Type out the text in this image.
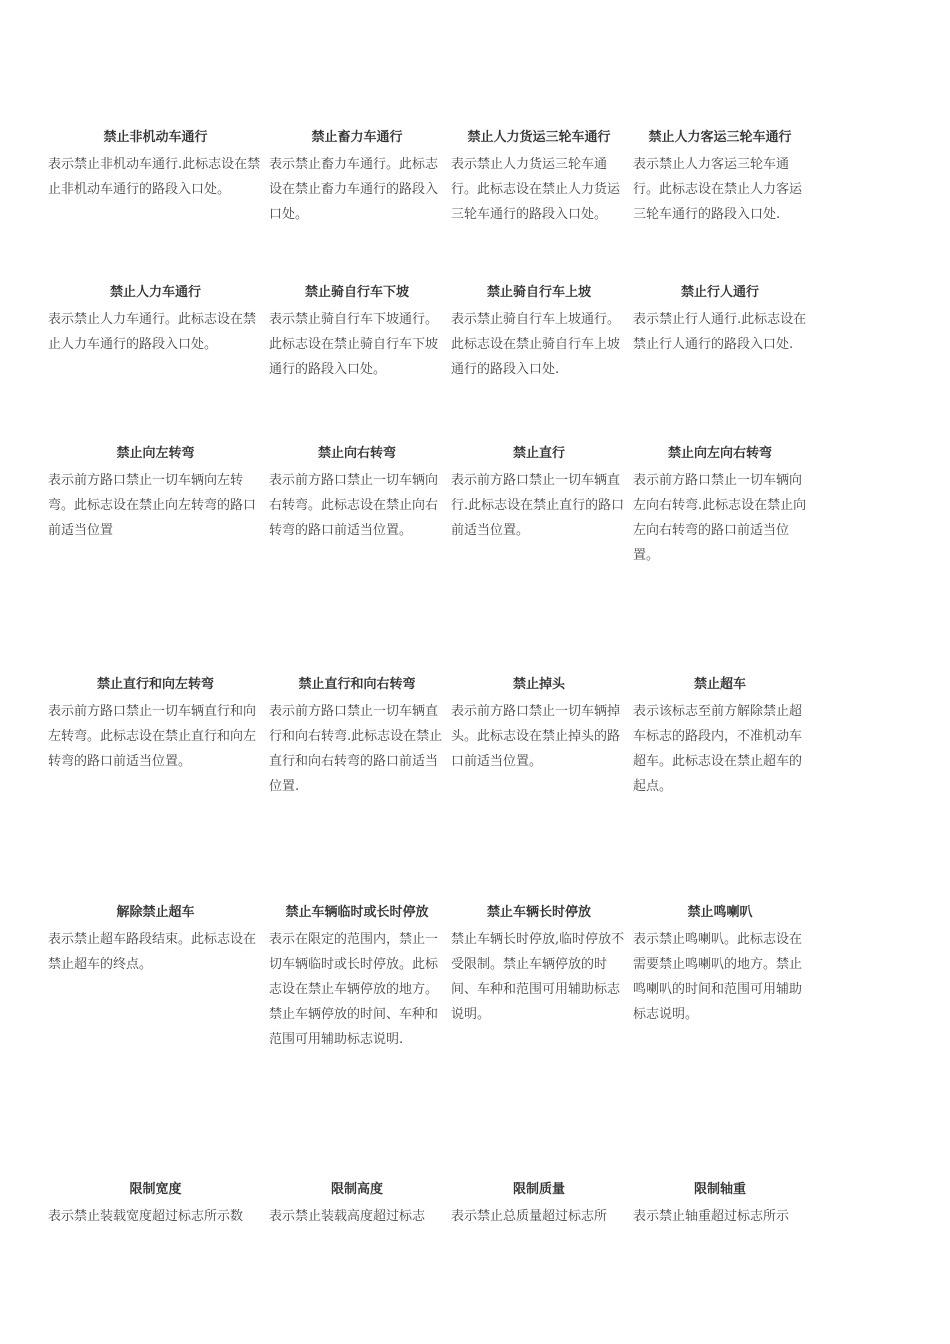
禁止非机动车通行
表示禁止非机动车通行.此标志设在禁止非机动车通行的路段入口处。
禁止畜力车通行
表示禁止畜力车通行。此标志设在禁止畜力车通行的路段入口处。
禁止人力货运三轮车通行
表示禁止人力货运三轮车通行。此标志设在禁止人力货运三轮车通行的路段入口处。
禁止人力客运三轮车通行
表示禁止人力客运三轮车通行。此标志设在禁止人力客运三轮车通行的路段入口处.
禁止人力车通行
表示禁止人力车通行。此标志设在禁止人力车通行的路段入口处。
禁止骑自行车下坡
表示禁止骑自行车下坡通行。此标志设在禁止骑自行车下坡通行的路段入口处。
禁止骑自行车上坡
表示禁止骑自行车上坡通行。此标志设在禁止骑自行车上坡通行的路段入口处.
禁止行人通行
表示禁止行人通行.此标志设在禁止行人通行的路段入口处.
禁止向左转弯
表示前方路口禁止一切车辆向左转弯。此标志设在禁止向左转弯的路口前适当位置
禁止向右转弯
表示前方路口禁止一切车辆向右转弯。此标志设在禁止向右转弯的路口前适当位置。
禁止直行
表示前方路口禁止一切车辆直行.此标志设在禁止直行的路口前适当位置。
禁止向左向右转弯
表示前方路口禁止一切车辆向左向右转弯.此标志设在禁止向左向右转弯的路口前适当位置。
禁止直行和向左转弯
表示前方路口禁止一切车辆直行和向左转弯。此标志设在禁止直行和向左转弯的路口前适当位置。
禁止直行和向右转弯
表示前方路口禁止一切车辆直行和向右转弯.此标志设在禁止直行和向右转弯的路口前适当位置.
禁止掉头
表示前方路口禁止一切车辆掉头。此标志设在禁止掉头的路口前适当位置。
禁止超车
表示该标志至前方解除禁止超车标志的路段内，不准机动车超车。此标志设在禁止超车的起点。
解除禁止超车
表示禁止超车路段结束。此标志设在禁止超车的终点。
禁止车辆临时或长时停放
表示在限定的范围内，禁止一切车辆临时或长时停放。此标志设在禁止车辆停放的地方。禁止车辆停放的时间、车种和范围可用辅助标志说明.
禁止车辆长时停放
禁止车辆长时停放,临时停放不受限制。禁止车辆停放的时间、车种和范围可用辅助标志说明。
禁止鸣喇叭
表示禁止鸣喇叭。此标志设在需要禁止鸣喇叭的地方。禁止鸣喇叭的时间和范围可用辅助标志说明。
限制宽度
表示禁止装载宽度超过标志所示数
限制高度
表示禁止装载高度超过标志
限制质量
表示禁止总质量超过标志所
限制轴重
表示禁止轴重超过标志所示
